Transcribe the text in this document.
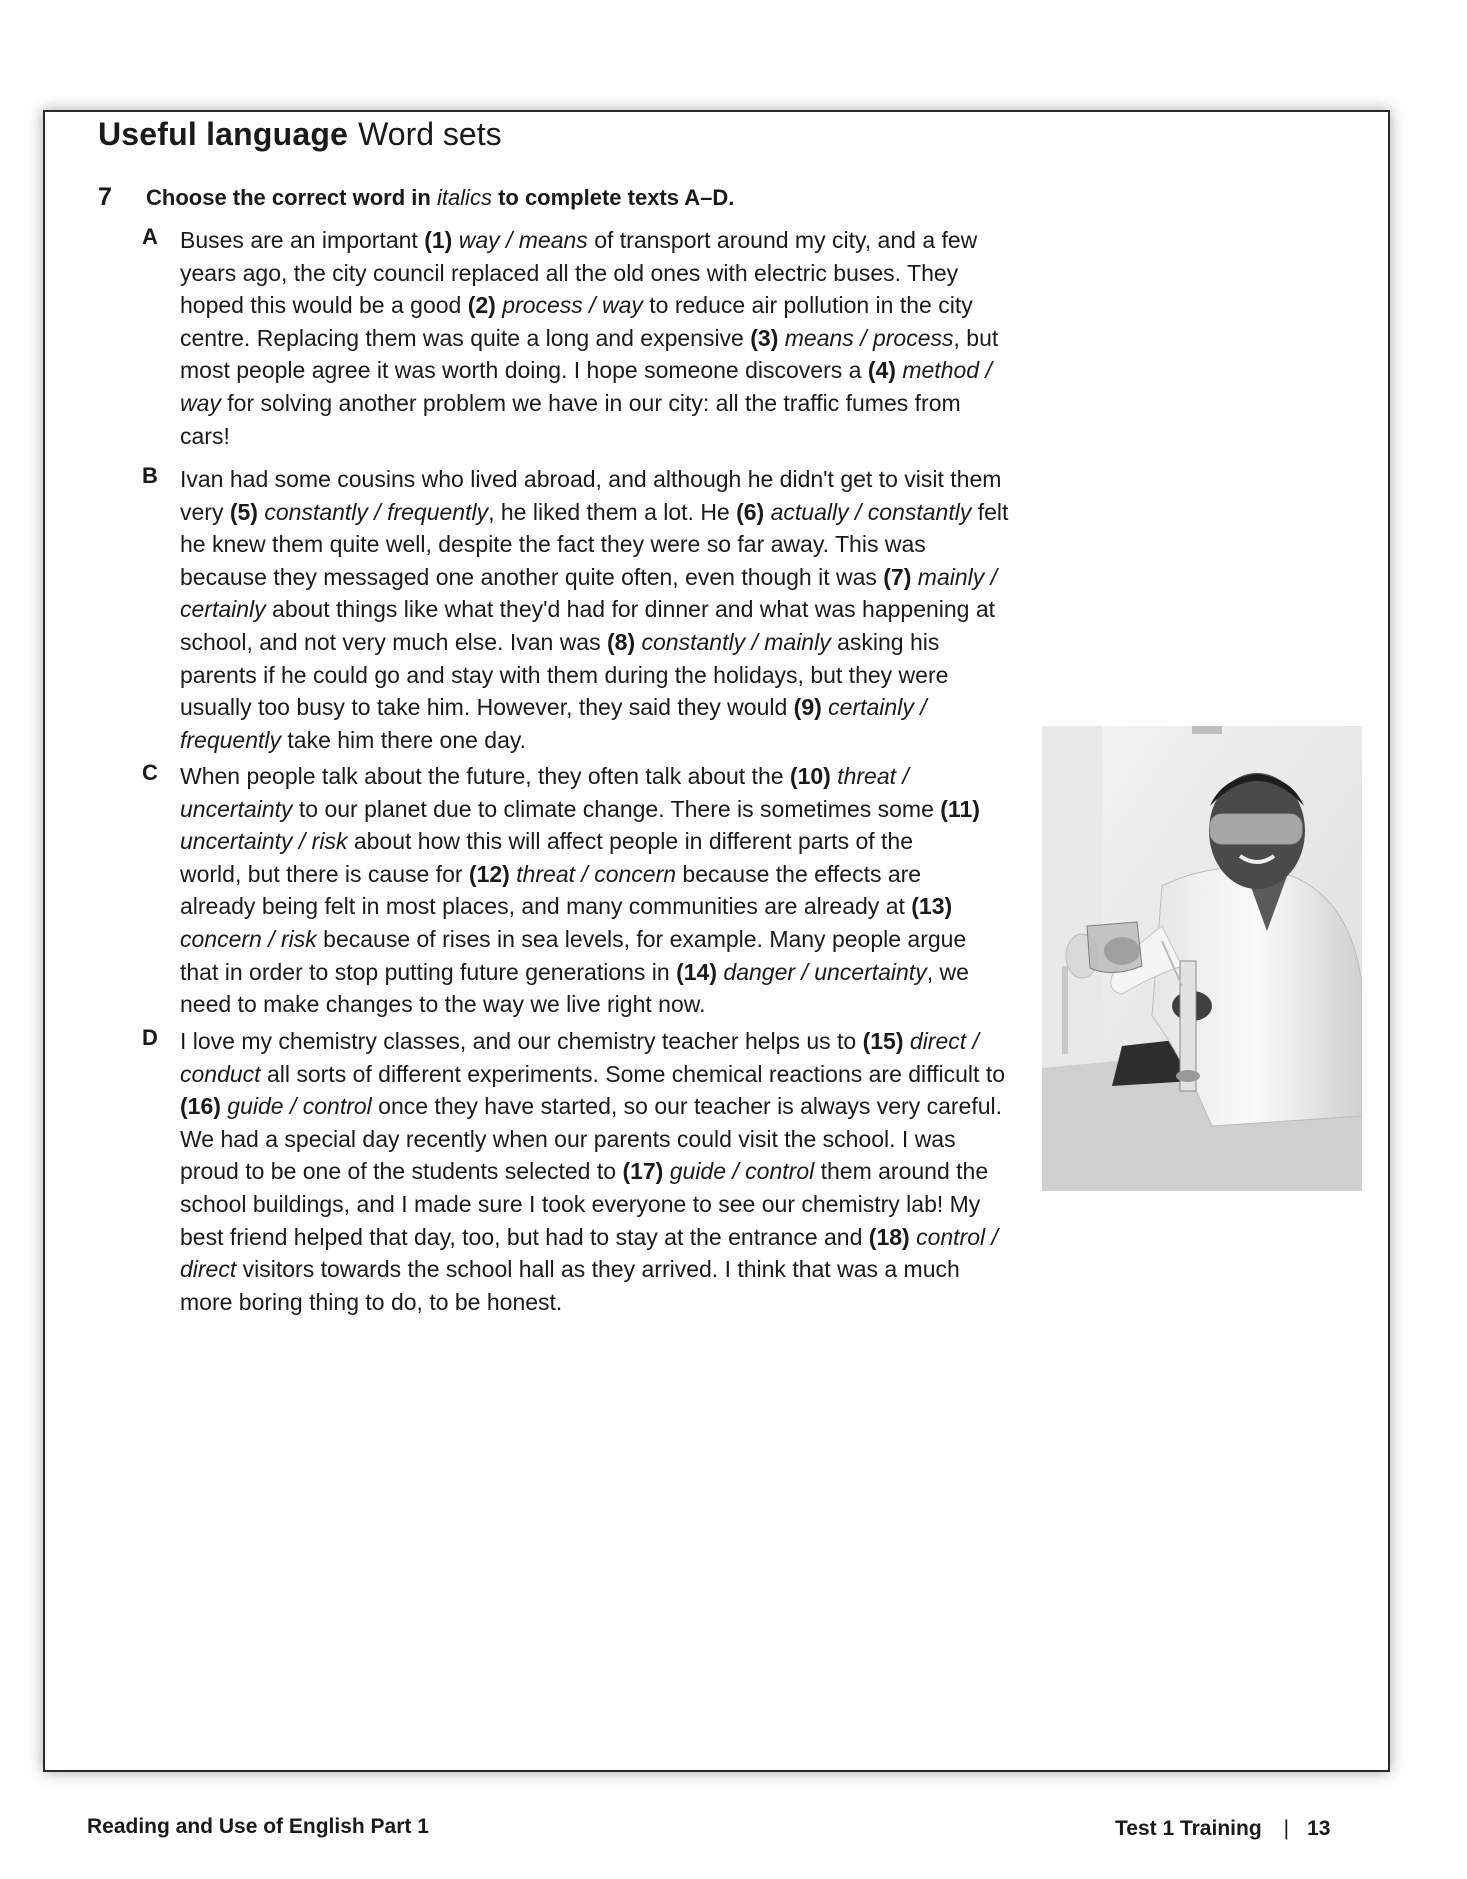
Useful language Word sets
7 Choose the correct word in italics to complete texts A–D.
A Buses are an important (1) way / means of transport around my city, and a few years ago, the city council replaced all the old ones with electric buses. They hoped this would be a good (2) process / way to reduce air pollution in the city centre. Replacing them was quite a long and expensive (3) means / process, but most people agree it was worth doing. I hope someone discovers a (4) method / way for solving another problem we have in our city: all the traffic fumes from cars!
B Ivan had some cousins who lived abroad, and although he didn't get to visit them very (5) constantly / frequently, he liked them a lot. He (6) actually / constantly felt he knew them quite well, despite the fact they were so far away. This was because they messaged one another quite often, even though it was (7) mainly / certainly about things like what they'd had for dinner and what was happening at school, and not very much else. Ivan was (8) constantly / mainly asking his parents if he could go and stay with them during the holidays, but they were usually too busy to take him. However, they said they would (9) certainly / frequently take him there one day.
C When people talk about the future, they often talk about the (10) threat / uncertainty to our planet due to climate change. There is sometimes some (11) uncertainty / risk about how this will affect people in different parts of the world, but there is cause for (12) threat / concern because the effects are already being felt in most places, and many communities are already at (13) concern / risk because of rises in sea levels, for example. Many people argue that in order to stop putting future generations in (14) danger / uncertainty, we need to make changes to the way we live right now.
D I love my chemistry classes, and our chemistry teacher helps us to (15) direct / conduct all sorts of different experiments. Some chemical reactions are difficult to (16) guide / control once they have started, so our teacher is always very careful. We had a special day recently when our parents could visit the school. I was proud to be one of the students selected to (17) guide / control them around the school buildings, and I made sure I took everyone to see our chemistry lab! My best friend helped that day, too, but had to stay at the entrance and (18) control / direct visitors towards the school hall as they arrived. I think that was a much more boring thing to do, to be honest.
Reading and Use of English Part 1	Test 1 Training | 13
